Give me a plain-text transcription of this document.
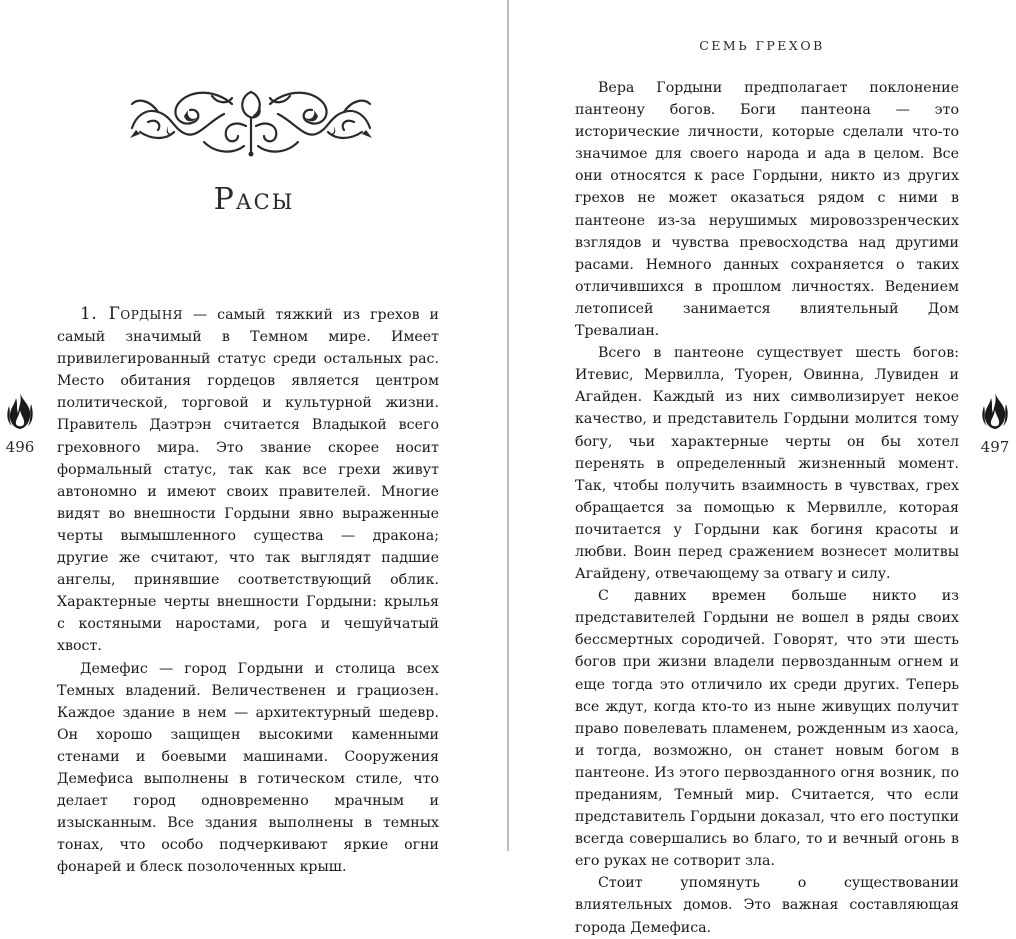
Расы

1. Гордыня — самый тяжкий из грехов и самый значимый в Темном мире. Имеет привилегированный статус среди остальных рас. Место обитания гордецов является центром политической, торговой и культурной жизни. Правитель Даэтрэн считается Владыкой всего греховного мира. Это звание скорее носит формальный статус, так как все грехи живут автономно и имеют своих правителей. Многие видят во внешности Гордыни явно выраженные черты вымышленного существа — дракона; другие же считают, что так выглядят падшие ангелы, принявшие соответствующий облик. Характерные черты внешности Гордыни: крылья с костяными наростами, рога и чешуйчатый хвост.

Демефис — город Гордыни и столица всех Темных владений. Величественен и грациозен. Каждое здание в нем — архитектурный шедевр. Он хорошо защищен высокими каменными стенами и боевыми машинами. Сооружения Демефиса выполнены в готическом стиле, что делает город одновременно мрачным и изысканным. Все здания выполнены в темных тонах, что особо подчеркивают яркие огни фонарей и блеск позолоченных крыш.

496
СЕМЬ ГРЕХОВ

Вера Гордыни предполагает поклонение пантеону богов. Боги пантеона — это исторические личности, которые сделали что-то значимое для своего народа и ада в целом. Все они относятся к расе Гордыни, никто из других грехов не может оказаться рядом с ними в пантеоне из-за нерушимых мировоззренческих взглядов и чувства превосходства над другими расами. Немного данных сохраняется о таких отличившихся в прошлом личностях. Ведением летописей занимается влиятельный Дом Тревалиан.

Всего в пантеоне существует шесть богов: Итевис, Мервилла, Туорен, Овинна, Лувиден и Агайден. Каждый из них символизирует некое качество, и представитель Гордыни молится тому богу, чьи характерные черты он бы хотел перенять в определенный жизненный момент. Так, чтобы получить взаимность в чувствах, грех обращается за помощью к Мервилле, которая почитается у Гордыни как богиня красоты и любви. Воин перед сражением вознесет молитвы Агайдену, отвечающему за отвагу и силу.

С давних времен больше никто из представителей Гордыни не вошел в ряды своих бессмертных сородичей. Говорят, что эти шесть богов при жизни владели первозданным огнем и еще тогда это отличило их среди других. Теперь все ждут, когда кто-то из ныне живущих получит право повелевать пламенем, рожденным из хаоса, и тогда, возможно, он станет новым богом в пантеоне. Из этого первозданного огня возник, по преданиям, Темный мир. Считается, что если представитель Гордыни доказал, что его поступки всегда совершались во благо, то и вечный огонь в его руках не сотворит зла.

Стоит упомянуть о существовании влиятельных домов. Это важная составляющая города Демефиса.

497
